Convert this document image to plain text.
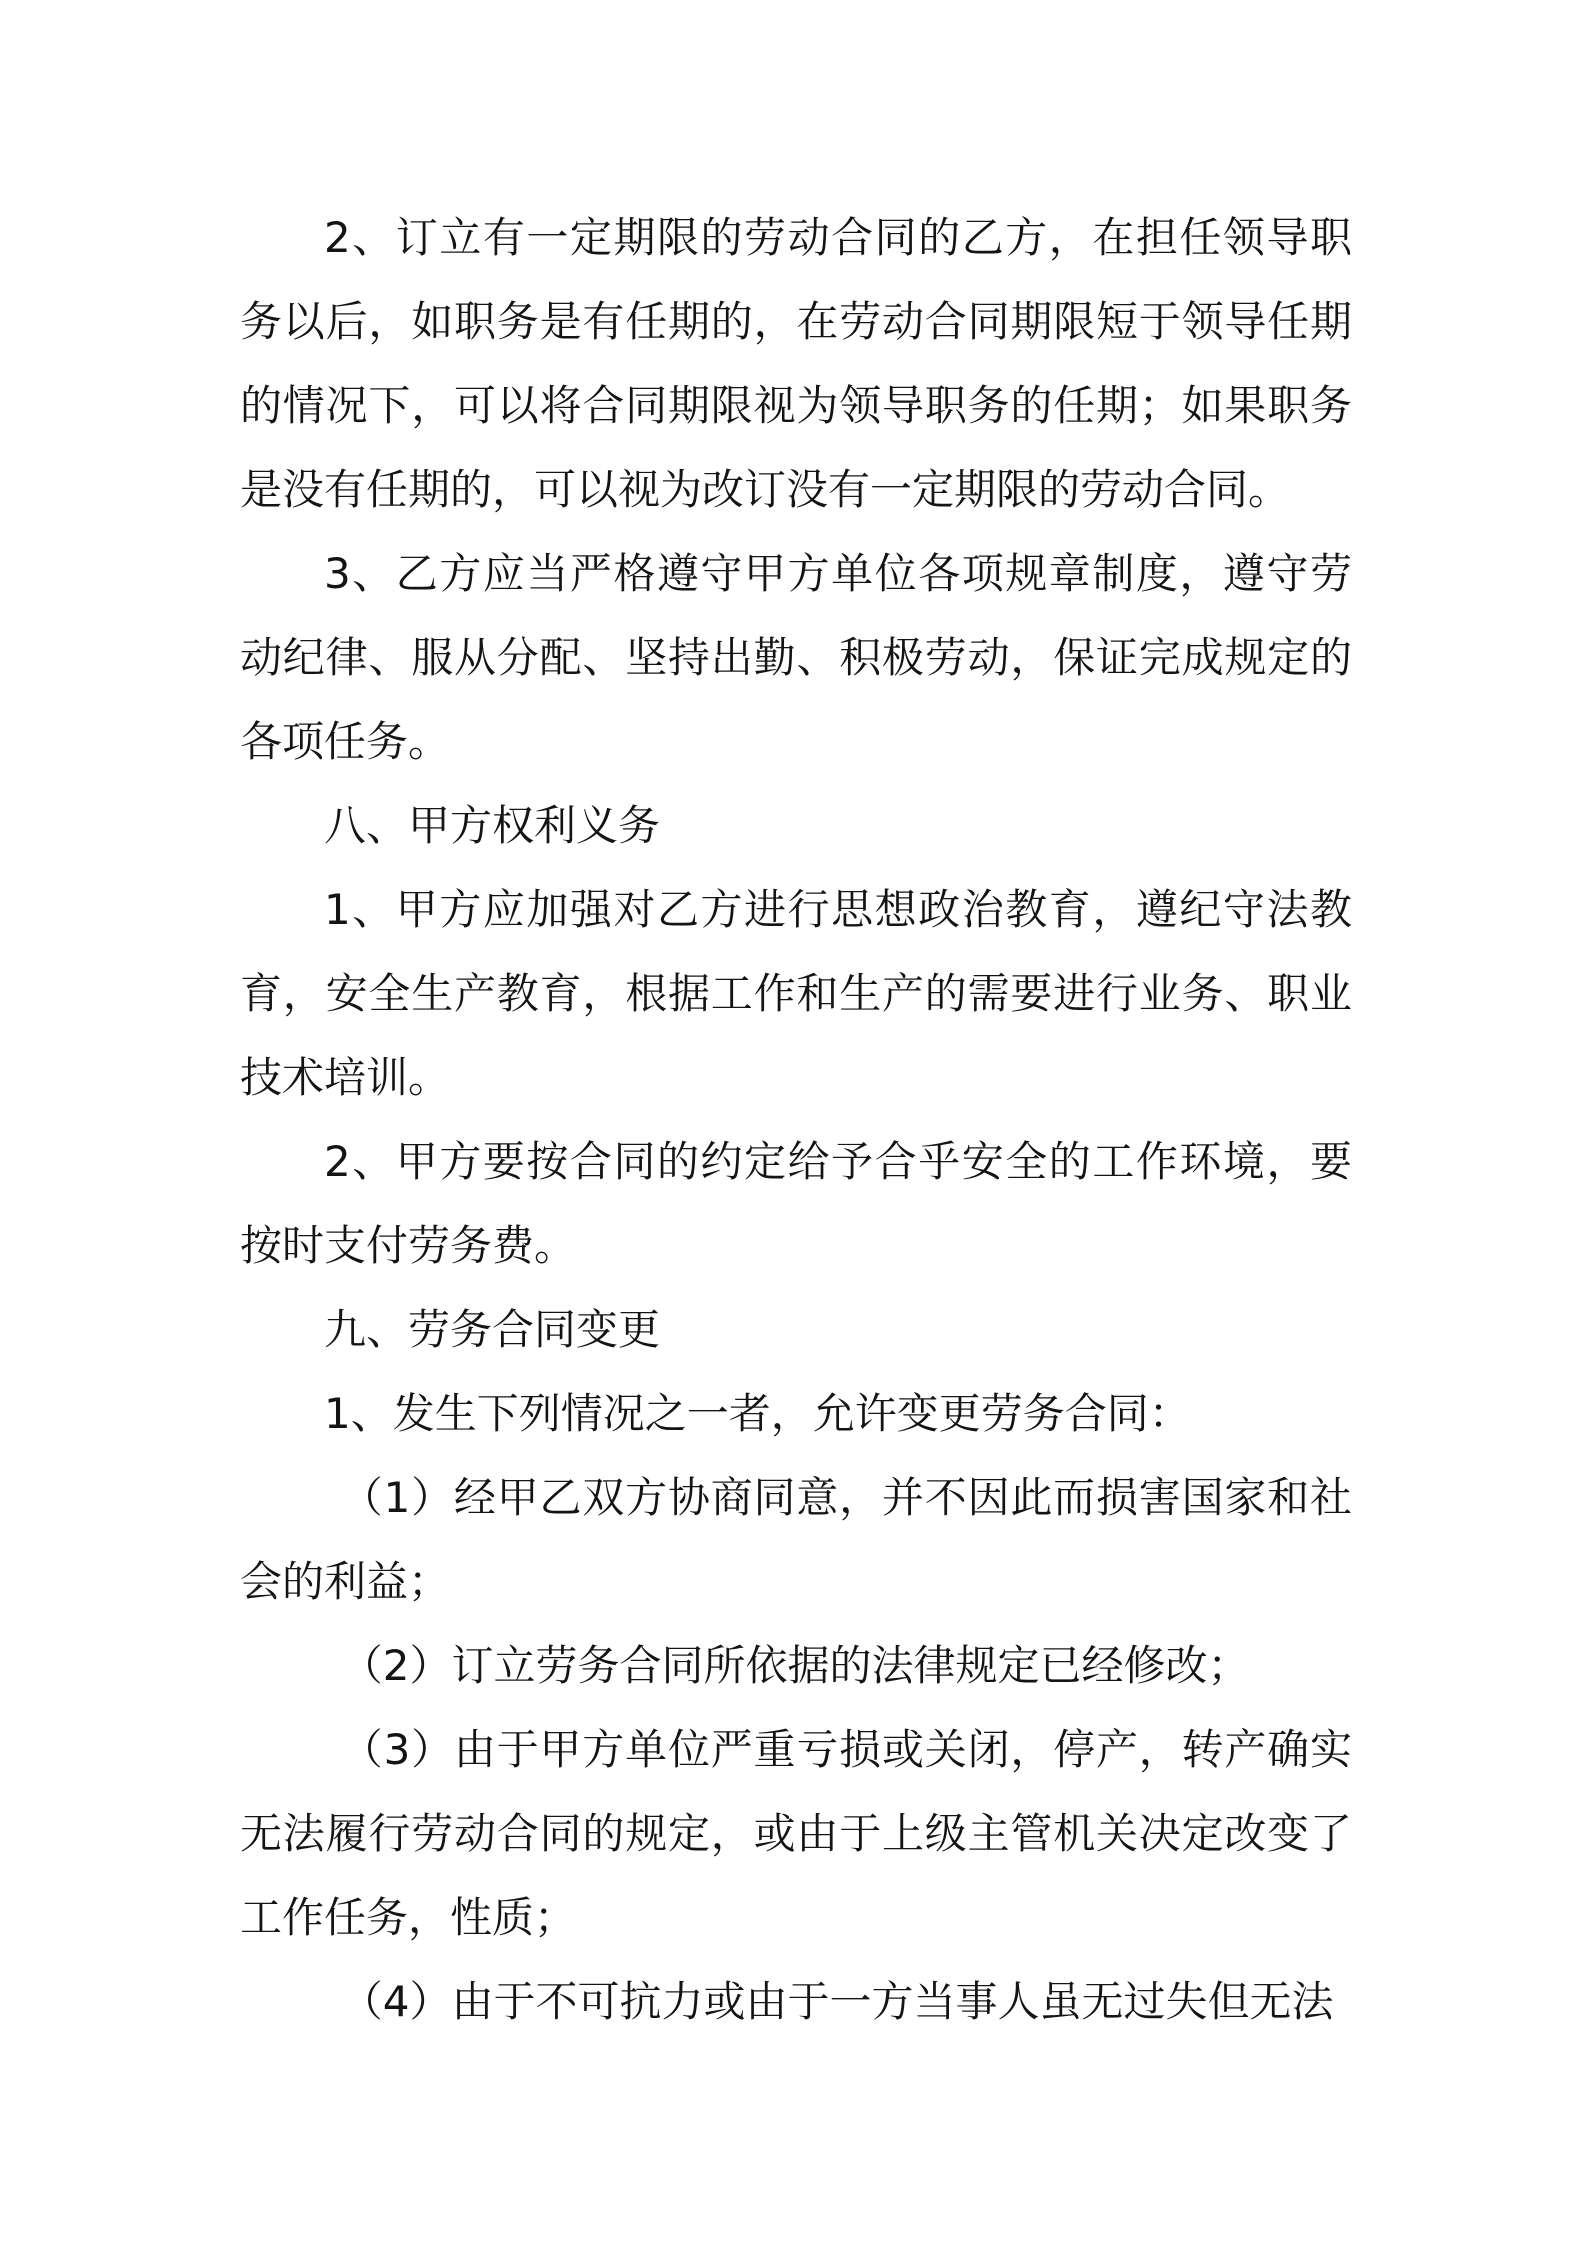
2、订立有一定期限的劳动合同的乙方，在担任领导职务以后，如职务是有任期的，在劳动合同期限短于领导任期的情况下，可以将合同期限视为领导职务的任期；如果职务是没有任期的，可以视为改订没有一定期限的劳动合同。

3、乙方应当严格遵守甲方单位各项规章制度，遵守劳动纪律、服从分配、坚持出勤、积极劳动，保证完成规定的各项任务。

八、甲方权利义务

1、甲方应加强对乙方进行思想政治教育，遵纪守法教育，安全生产教育，根据工作和生产的需要进行业务、职业技术培训。

2、甲方要按合同的约定给予合乎安全的工作环境，要按时支付劳务费。

九、劳务合同变更

1、发生下列情况之一者，允许变更劳务合同：

（1）经甲乙双方协商同意，并不因此而损害国家和社会的利益；

（2）订立劳务合同所依据的法律规定已经修改；

（3）由于甲方单位严重亏损或关闭，停产，转产确实无法履行劳动合同的规定，或由于上级主管机关决定改变了工作任务，性质；

（4）由于不可抗力或由于一方当事人虽无过失但无法
